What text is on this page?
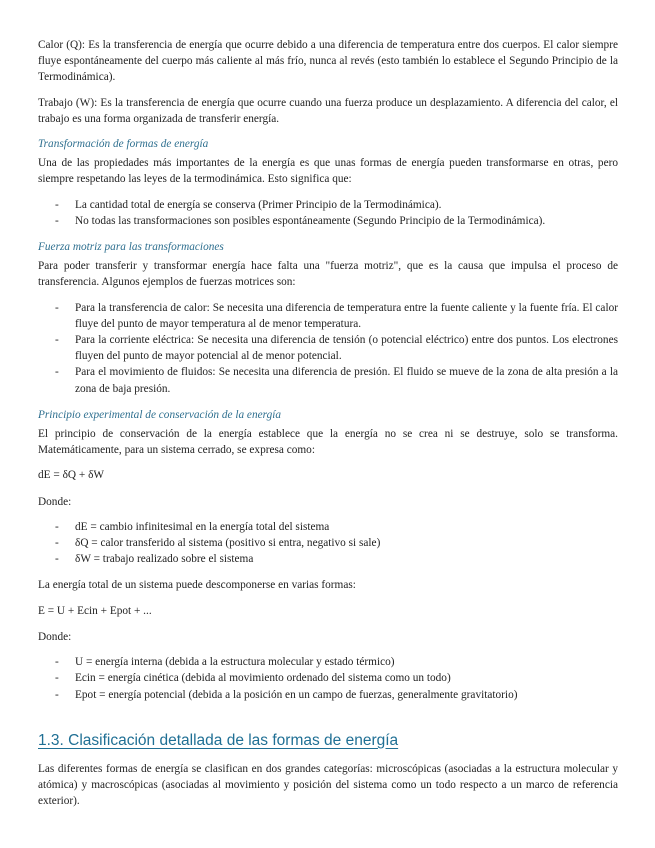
Calor (Q): Es la transferencia de energía que ocurre debido a una diferencia de temperatura entre dos cuerpos. El calor siempre fluye espontáneamente del cuerpo más caliente al más frío, nunca al revés (esto también lo establece el Segundo Principio de la Termodinámica).

Trabajo (W): Es la transferencia de energía que ocurre cuando una fuerza produce un desplazamiento. A diferencia del calor, el trabajo es una forma organizada de transferir energía.

Transformación de formas de energía

Una de las propiedades más importantes de la energía es que unas formas de energía pueden transformarse en otras, pero siempre respetando las leyes de la termodinámica. Esto significa que:

- La cantidad total de energía se conserva (Primer Principio de la Termodinámica).
- No todas las transformaciones son posibles espontáneamente (Segundo Principio de la Termodinámica).
Fuerza motriz para las transformaciones

Para poder transferir y transformar energía hace falta una "fuerza motriz", que es la causa que impulsa el proceso de transferencia. Algunos ejemplos de fuerzas motrices son:

- Para la transferencia de calor: Se necesita una diferencia de temperatura entre la fuente caliente y la fuente fría. El calor fluye del punto de mayor temperatura al de menor temperatura.
- Para la corriente eléctrica: Se necesita una diferencia de tensión (o potencial eléctrico) entre dos puntos. Los electrones fluyen del punto de mayor potencial al de menor potencial.
- Para el movimiento de fluidos: Se necesita una diferencia de presión. El fluido se mueve de la zona de alta presión a la zona de baja presión.
Principio experimental de conservación de la energía

El principio de conservación de la energía establece que la energía no se crea ni se destruye, solo se transforma. Matemáticamente, para un sistema cerrado, se expresa como:

dE = δQ + δW

Donde:

- dE = cambio infinitesimal en la energía total del sistema
- δQ = calor transferido al sistema (positivo si entra, negativo si sale)
- δW = trabajo realizado sobre el sistema

La energía total de un sistema puede descomponerse en varias formas:

E = U + Ecin + Epot + ...

Donde:

- U = energía interna (debida a la estructura molecular y estado térmico)
- Ecin = energía cinética (debida al movimiento ordenado del sistema como un todo)
- Epot = energía potencial (debida a la posición en un campo de fuerzas, generalmente gravitatorio)
1.3. Clasificación detallada de las formas de energía

Las diferentes formas de energía se clasifican en dos grandes categorías: microscópicas (asociadas a la estructura molecular y atómica) y macroscópicas (asociadas al movimiento y posición del sistema como un todo respecto a un marco de referencia exterior).
